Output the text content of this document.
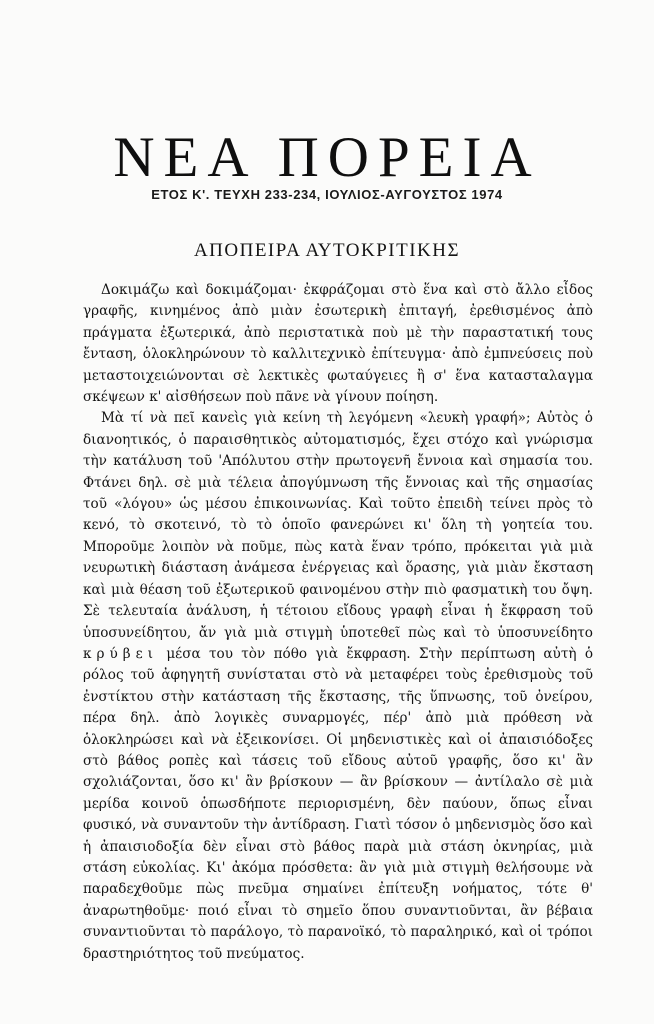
ΝΕΑ ΠΟΡΕΙΑ
ΕΤΟΣ Κ'. ΤΕΥΧΗ 233-234, ΙΟΥΛΙΟΣ-ΑΥΓΟΥΣΤΟΣ 1974
ΑΠΟΠΕΙΡΑ ΑΥΤΟΚΡΙΤΙΚΗΣ

Δοκιμάζω καὶ δοκιμάζομαι· ἐκφράζομαι στὸ ἕνα καὶ στὸ ἄλλο εἶδος γραφῆς, κινημένος ἀπὸ μιὰν ἐσωτερικὴ ἐπιταγή, ἐρεθισμένος ἀπὸ πράγματα ἐξωτερικά, ἀπὸ περιστατικὰ ποὺ μὲ τὴν παραστατική τους ἔνταση, ὁλοκληρώνουν τὸ καλλιτεχνικὸ ἐπίτευγμα· ἀπὸ ἐμπνεύσεις ποὺ μεταστοιχειώνονται σὲ λεκτικὲς φωταύγειες ἢ σ' ἕνα κατασταλαγμα σκέψεων κ' αἰσθήσεων ποὺ πᾶνε νὰ γίνουν ποίηση.

Μὰ τί νὰ πεῖ κανεὶς γιὰ κείνη τὴ λεγόμενη «λευκὴ γραφή»; Αὐτὸς ὁ διανοητικός, ὁ παραισθητικὸς αὐτοματισμός, ἔχει στόχο καὶ γνώρισμα τὴν κατάλυση τοῦ 'Απόλυτου στὴν πρωτογενῆ ἔννοια καὶ σημασία του. Φτάνει δηλ. σὲ μιὰ τέλεια ἀπογύμνωση τῆς ἔννοιας καὶ τῆς σημασίας τοῦ «λόγου» ὡς μέσου ἐπικοινωνίας. Καὶ τοῦτο ἐπειδὴ τείνει πρὸς τὸ κενό, τὸ σκοτεινό, τὸ τὸ ὁποῖο φανερώνει κι' ὅλη τὴ γοητεία του. Μποροῦμε λοιπὸν νὰ ποῦμε, πὼς κατὰ ἕναν τρόπο, πρόκειται γιὰ μιὰ νευρωτικὴ διάσταση ἀνάμεσα ἐνέργειας καὶ ὅρασης, γιὰ μιὰν ἔκσταση καὶ μιὰ θέαση τοῦ ἐξωτερικοῦ φαινομένου στὴν πιὸ φασματικὴ του ὄψη. Σὲ τελευταία ἀνάλυση, ἡ τέτοιου εἴδους γραφὴ εἶναι ἡ ἔκφραση τοῦ ὑποσυνείδητου, ἄν γιὰ μιὰ στιγμὴ ὑποτεθεῖ πὼς καὶ τὸ ὑποσυνείδητο κρύβει μέσα του τὸν πόθο γιὰ ἔκφραση. Στὴν περίπτωση αὐτὴ ὁ ρόλος τοῦ ἀφηγητῆ συνίσταται στὸ νὰ μεταφέρει τοὺς ἐρεθισμοὺς τοῦ ἐνστίκτου στὴν κατάσταση τῆς ἔκστασης, τῆς ὕπνωσης, τοῦ ὀνείρου, πέρα δηλ. ἀπὸ λογικὲς συναρμογές, πέρ' ἀπὸ μιὰ πρόθεση νὰ ὁλοκληρώσει καὶ νὰ ἐξεικονίσει. Οἱ μηδενιστικὲς καὶ οἱ ἀπαισιόδοξες στὸ βάθος ροπὲς καὶ τάσεις τοῦ εἴδους αὐτοῦ γραφῆς, ὅσο κι' ἂν σχολιάζονται, ὅσο κι' ἂν βρίσκουν — ἂν βρίσκουν — ἀντίλαλο σὲ μιὰ μερίδα κοινοῦ ὁπωσδήποτε περιορισμένη, δὲν παύουν, ὅπως εἶναι φυσικό, νὰ συναντοῦν τὴν ἀντίδραση. Γιατὶ τόσον ὁ μηδενισμὸς ὅσο καὶ ἡ ἀπαισιοδοξία δὲν εἶναι στὸ βάθος παρὰ μιὰ στάση ὀκνηρίας, μιὰ στάση εὐκολίας. Κι' ἀκόμα πρόσθετα: ἂν γιὰ μιὰ στιγμὴ θελήσουμε νὰ παραδεχθοῦμε πὼς πνεῦμα σημαίνει ἐπίτευξη νοήματος, τότε θ' ἀναρωτηθοῦμε· ποιό εἶναι τὸ σημεῖο ὅπου συναντιοῦνται, ἂν βέβαια συναντιοῦνται τὸ παράλογο, τὸ παρανοϊκό, τὸ παραληρικό, καὶ οἱ τρόποι δραστηριότητος τοῦ πνεύματος.
